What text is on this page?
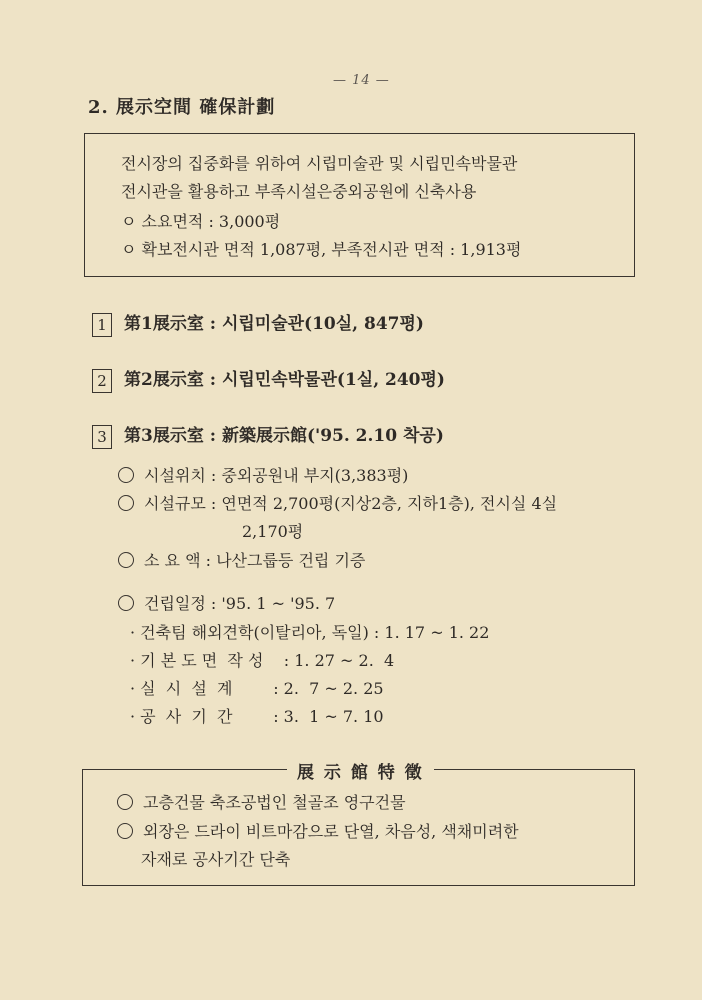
— 14 —
2. 展示空間 確保計劃
전시장의 집중화를 위하여 시립미술관 및 시립민속박물관
전시관을 활용하고 부족시설은중외공원에 신축사용
ㅇ 소요면적 : 3,000평
ㅇ 확보전시관 면적 1,087평, 부족전시관 면적 : 1,913평
1 第1展示室 : 시립미술관(10실, 847평)
2 第2展示室 : 시립민속박물관(1실, 240평)
3 第3展示室 : 新築展示館('95. 2.10 착공)
시설위치 : 중외공원내 부지(3,383평)
시설규모 : 연면적 2,700평(지상2층, 지하1층), 전시실 4실
2,170평
소 요 액 : 나산그룹등 건립 기증
건립일정 : '95. 1 ~ '95. 7
· 건축팀 해외견학(이탈리아, 독일) : 1. 17 ~ 1. 22
· 기 본 도 면  작 성    : 1. 27 ~ 2.  4
· 실  시  설  계        : 2.  7 ~ 2. 25
· 공  사  기  간        : 3.  1 ~ 7. 10
展 示 館 特 徵
고층건물 축조공법인 철골조 영구건물
외장은 드라이 비트마감으로 단열, 차음성, 색채미려한
자재로 공사기간 단축
